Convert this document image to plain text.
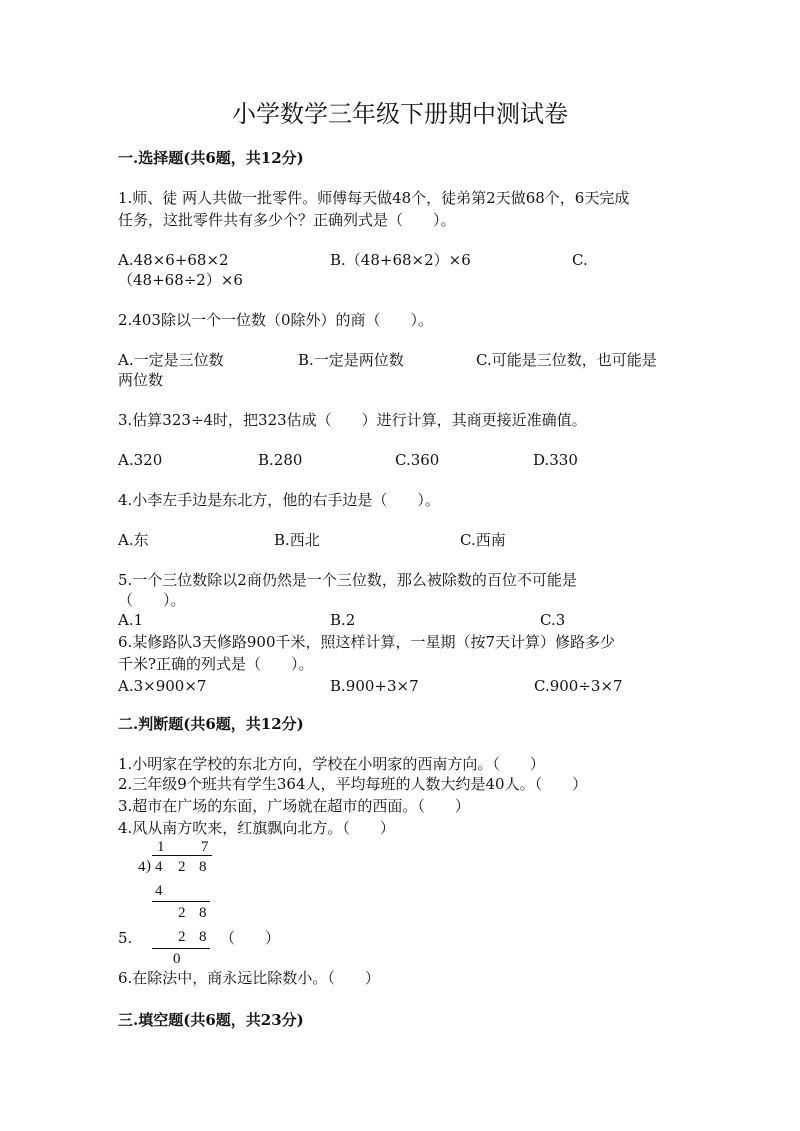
小学数学三年级下册期中测试卷
一.选择题(共6题，共12分)
1.师、徒 两人共做一批零件。师傅每天做48个，徒弟第2天做68个，6天完成
任务，这批零件共有多少个？正确列式是（　　）。
A.48×6+68×2	B.（48+68×2）×6	C.
（48+68÷2）×6
2.403除以一个一位数（0除外）的商（　　）。
A.一定是三位数	B.一定是两位数	C.可能是三位数，也可能是
两位数
3.估算323÷4时，把323估成（　　）进行计算，其商更接近准确值。
A.320	B.280	C.360	D.330
4.小李左手边是东北方，他的右手边是（　　）。
A.东	B.西北	C.西南
5.一个三位数除以2商仍然是一个三位数，那么被除数的百位不可能是
（　　）。
A.1	B.2	C.3
6.某修路队3天修路900千米，照这样计算，一星期（按7天计算）修路多少
千米?正确的列式是（　　）。
A.3×900×7	B.900+3×7	C.900÷3×7
二.判断题(共6题，共12分)
1.小明家在学校的东北方向，学校在小明家的西南方向。（　　）
2.三年级9个班共有学生364人，平均每班的人数大约是40人。（　　）
3.超市在广场的东面，广场就在超市的西面。（　　）
4.风从南方吹来，红旗飘向北方。（　　）
1 7
4 ) 4 2 8
4
2 8
2 8
0
5.	（　　）
6.在除法中，商永远比除数小。（　　）
三.填空题(共6题，共23分)
